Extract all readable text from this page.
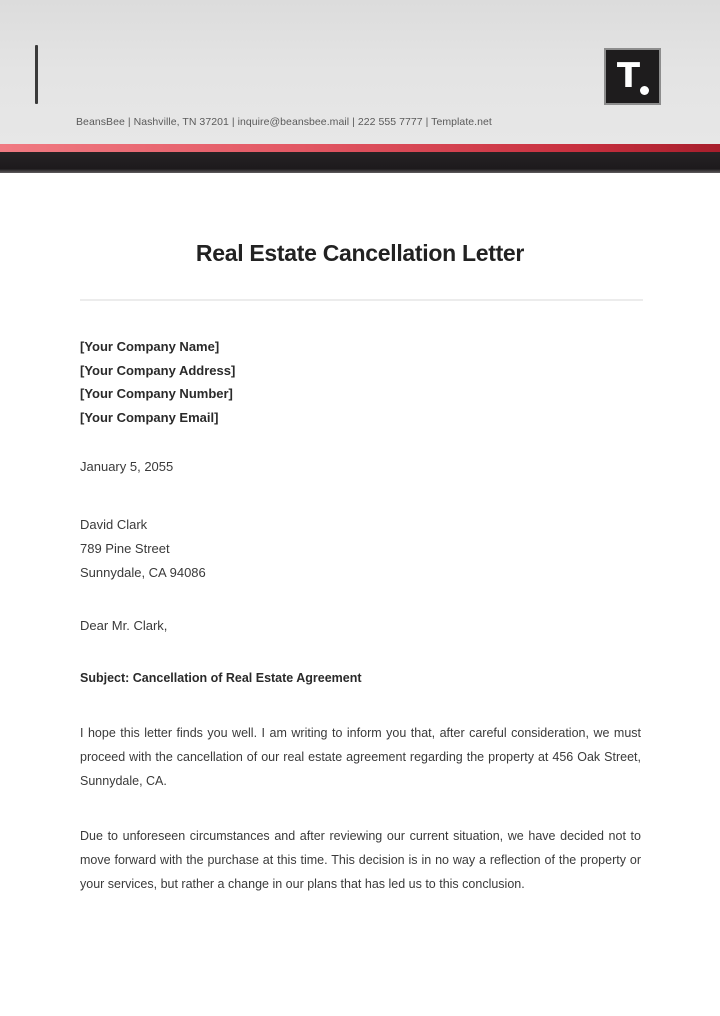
BeansBee | Nashville, TN 37201 | inquire@beansbee.mail | 222 555 7777 | Template.net
T
Real Estate Cancellation Letter
[Your Company Name]
[Your Company Address]
[Your Company Number]
[Your Company Email]
January 5, 2055
David Clark
789 Pine Street
Sunnydale, CA 94086
Dear Mr. Clark,
Subject: Cancellation of Real Estate Agreement

I hope this letter finds you well. I am writing to inform you that, after careful consideration, we must proceed with the cancellation of our real estate agreement regarding the property at 456 Oak Street, Sunnydale, CA.

Due to unforeseen circumstances and after reviewing our current situation, we have decided not to move forward with the purchase at this time. This decision is in no way a reflection of the property or your services, but rather a change in our plans that has led us to this conclusion.
